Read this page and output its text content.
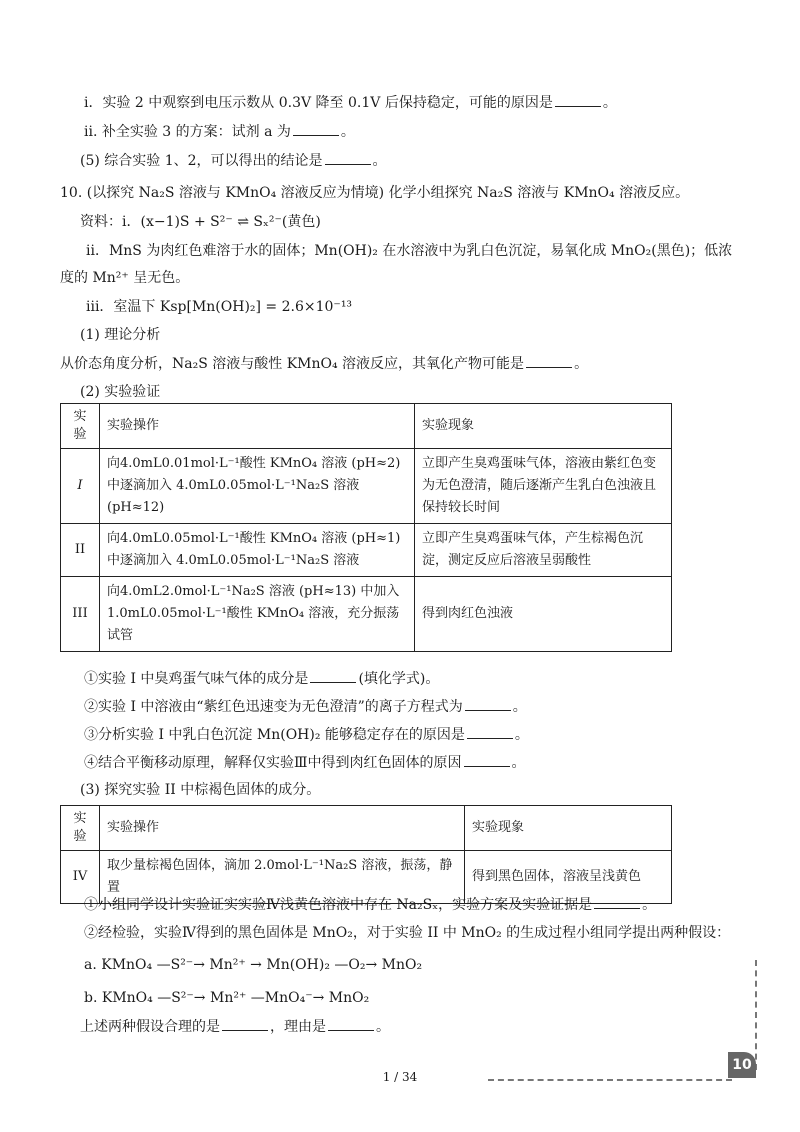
i．实验 2 中观察到电压示数从 0.3V 降至 0.1V 后保持稳定，可能的原因是	。
ii. 补全实验 3 的方案：试剂 a 为	。
(5) 综合实验 1、2，可以得出的结论是	。
10. (以探究 Na₂S 溶液与 KMnO₄ 溶液反应为情境) 化学小组探究 Na₂S 溶液与 KMnO₄ 溶液反应。
资料：i．(x−1)S + S²⁻ ⇌ Sₓ²⁻(黄色)
ii．MnS 为肉红色难溶于水的固体；Mn(OH)₂ 在水溶液中为乳白色沉淀，易氧化成 MnO₂(黑色)；低浓
度的 Mn²⁺ 呈无色。
iii．室温下 Ksp[Mn(OH)₂] = 2.6×10⁻¹³
(1) 理论分析
从价态角度分析，Na₂S 溶液与酸性 KMnO₄ 溶液反应，其氧化产物可能是	。
(2) 实验验证
实验	实验操作	实验现象
I	向4.0mL0.01mol·L⁻¹酸性 KMnO₄ 溶液 (pH≈2) 中逐滴加入 4.0mL0.05mol·L⁻¹Na₂S 溶液 (pH≈12)	立即产生臭鸡蛋味气体，溶液由紫红色变为无色澄清，随后逐渐产生乳白色浊液且保持较长时间
II	向4.0mL0.05mol·L⁻¹酸性 KMnO₄ 溶液 (pH≈1) 中逐滴加入 4.0mL0.05mol·L⁻¹Na₂S 溶液	立即产生臭鸡蛋味气体，产生棕褐色沉淀，测定反应后溶液呈弱酸性
III	向4.0mL2.0mol·L⁻¹Na₂S 溶液 (pH≈13) 中加入 1.0mL0.05mol·L⁻¹酸性 KMnO₄ 溶液，充分振荡试管	得到肉红色浊液
①实验 I 中臭鸡蛋气味气体的成分是	(填化学式)。
②实验 I 中溶液由“紫红色迅速变为无色澄清”的离子方程式为	。
③分析实验 I 中乳白色沉淀 Mn(OH)₂ 能够稳定存在的原因是	。
④结合平衡移动原理，解释仅实验Ⅲ中得到肉红色固体的原因	。
(3) 探究实验 II 中棕褐色固体的成分。
实验	实验操作	实验现象
IV	取少量棕褐色固体，滴加 2.0mol·L⁻¹Na₂S 溶液，振荡，静置	得到黑色固体，溶液呈浅黄色
①小组同学设计实验证实实验Ⅳ浅黄色溶液中存在 Na₂Sₓ，实验方案及实验证据是	。
②经检验，实验Ⅳ得到的黑色固体是 MnO₂，对于实验 II 中 MnO₂ 的生成过程小组同学提出两种假设：
a. KMnO₄ —S²⁻→ Mn²⁺ → Mn(OH)₂ —O₂→ MnO₂
b. KMnO₄ —S²⁻→ Mn²⁺ —MnO₄⁻→ MnO₂
上述两种假设合理的是	，理由是	。
1 / 34
10
